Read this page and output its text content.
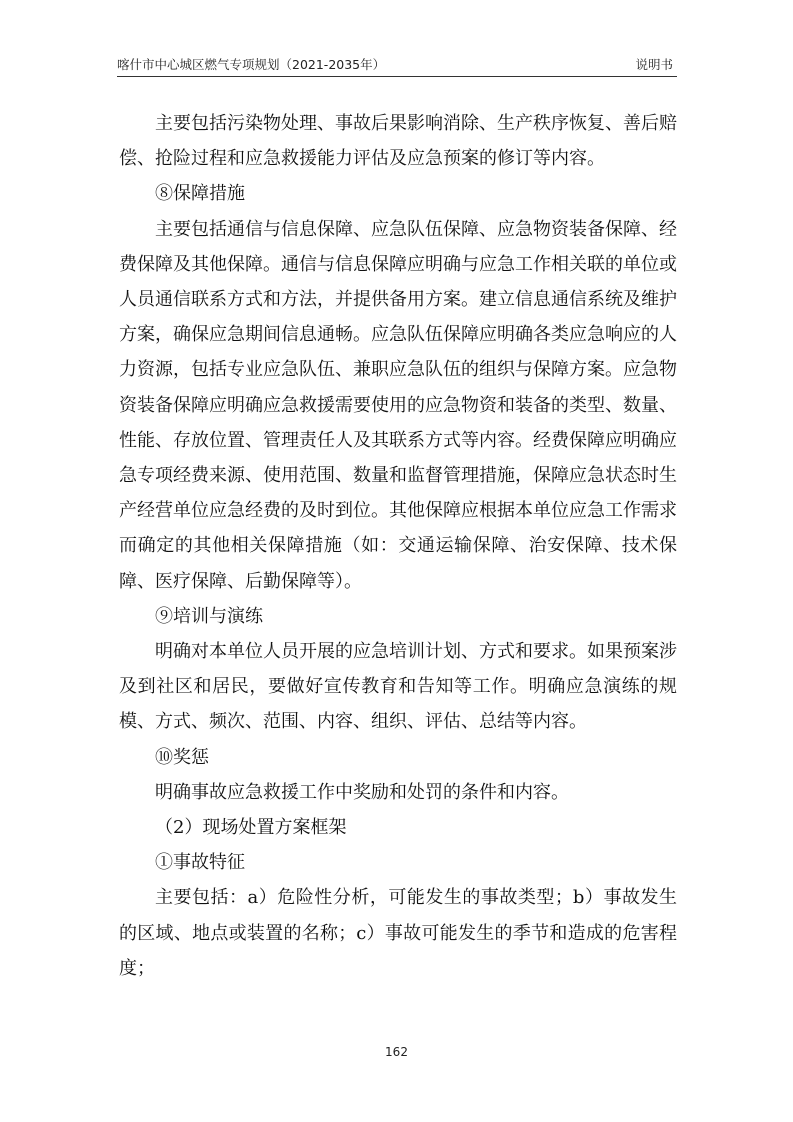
喀什市中心城区燃气专项规划（2021-2035年）	说明书

主要包括污染物处理、事故后果影响消除、生产秩序恢复、善后赔偿、抢险过程和应急救援能力评估及应急预案的修订等内容。

⑧保障措施

主要包括通信与信息保障、应急队伍保障、应急物资装备保障、经费保障及其他保障。通信与信息保障应明确与应急工作相关联的单位或人员通信联系方式和方法，并提供备用方案。建立信息通信系统及维护方案，确保应急期间信息通畅。应急队伍保障应明确各类应急响应的人力资源，包括专业应急队伍、兼职应急队伍的组织与保障方案。应急物资装备保障应明确应急救援需要使用的应急物资和装备的类型、数量、性能、存放位置、管理责任人及其联系方式等内容。经费保障应明确应急专项经费来源、使用范围、数量和监督管理措施，保障应急状态时生产经营单位应急经费的及时到位。其他保障应根据本单位应急工作需求而确定的其他相关保障措施（如：交通运输保障、治安保障、技术保障、医疗保障、后勤保障等）。

⑨培训与演练

明确对本单位人员开展的应急培训计划、方式和要求。如果预案涉及到社区和居民，要做好宣传教育和告知等工作。明确应急演练的规模、方式、频次、范围、内容、组织、评估、总结等内容。

⑩奖惩

明确事故应急救援工作中奖励和处罚的条件和内容。

（2）现场处置方案框架

①事故特征

主要包括：a）危险性分析，可能发生的事故类型；b）事故发生的区域、地点或装置的名称；c）事故可能发生的季节和造成的危害程度；

162
